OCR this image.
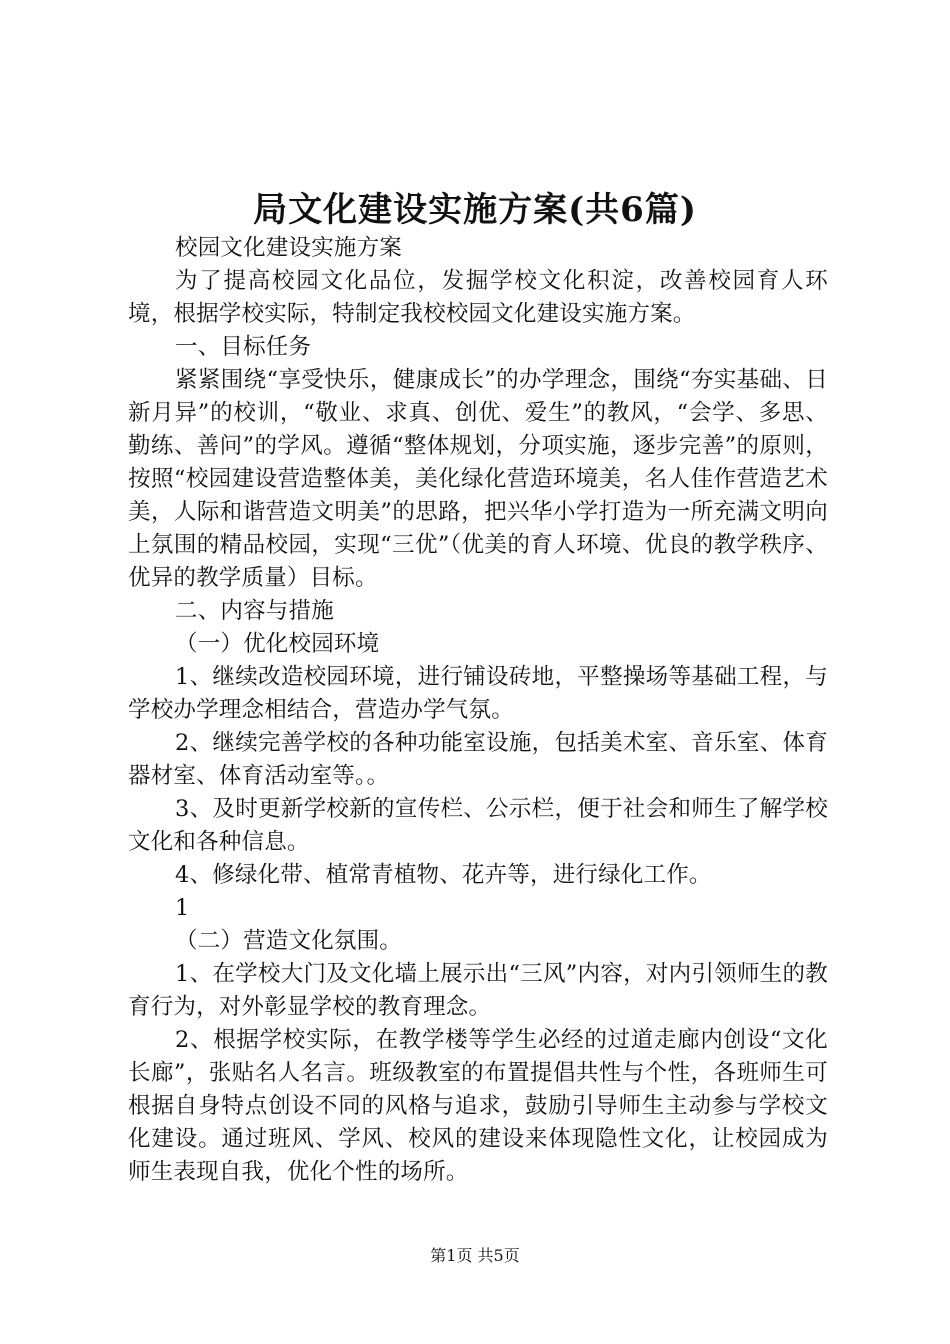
局文化建设实施方案(共6篇)

校园文化建设实施方案

为了提高校园文化品位，发掘学校文化积淀，改善校园育人环境，根据学校实际，特制定我校校园文化建设实施方案。

一、目标任务

紧紧围绕“享受快乐，健康成长”的办学理念，围绕“夯实基础、日新月异”的校训，“敬业、求真、创优、爱生”的教风，“会学、多思、勤练、善问”的学风。遵循“整体规划，分项实施，逐步完善”的原则，按照“校园建设营造整体美，美化绿化营造环境美，名人佳作营造艺术美，人际和谐营造文明美”的思路，把兴华小学打造为一所充满文明向上氛围的精品校园，实现“三优”（优美的育人环境、优良的教学秩序、优异的教学质量）目标。

二、内容与措施

（一）优化校园环境

1、继续改造校园环境，进行铺设砖地，平整操场等基础工程，与学校办学理念相结合，营造办学气氛。

2、继续完善学校的各种功能室设施，包括美术室、音乐室、体育器材室、体育活动室等。。

3、及时更新学校新的宣传栏、公示栏，便于社会和师生了解学校文化和各种信息。

4、修绿化带、植常青植物、花卉等，进行绿化工作。

1

（二）营造文化氛围。

1、在学校大门及文化墙上展示出“三风”内容，对内引领师生的教育行为，对外彰显学校的教育理念。

2、根据学校实际，在教学楼等学生必经的过道走廊内创设“文化长廊”，张贴名人名言。班级教室的布置提倡共性与个性，各班师生可根据自身特点创设不同的风格与追求，鼓励引导师生主动参与学校文化建设。通过班风、学风、校风的建设来体现隐性文化，让校园成为师生表现自我，优化个性的场所。

第1页 共5页
